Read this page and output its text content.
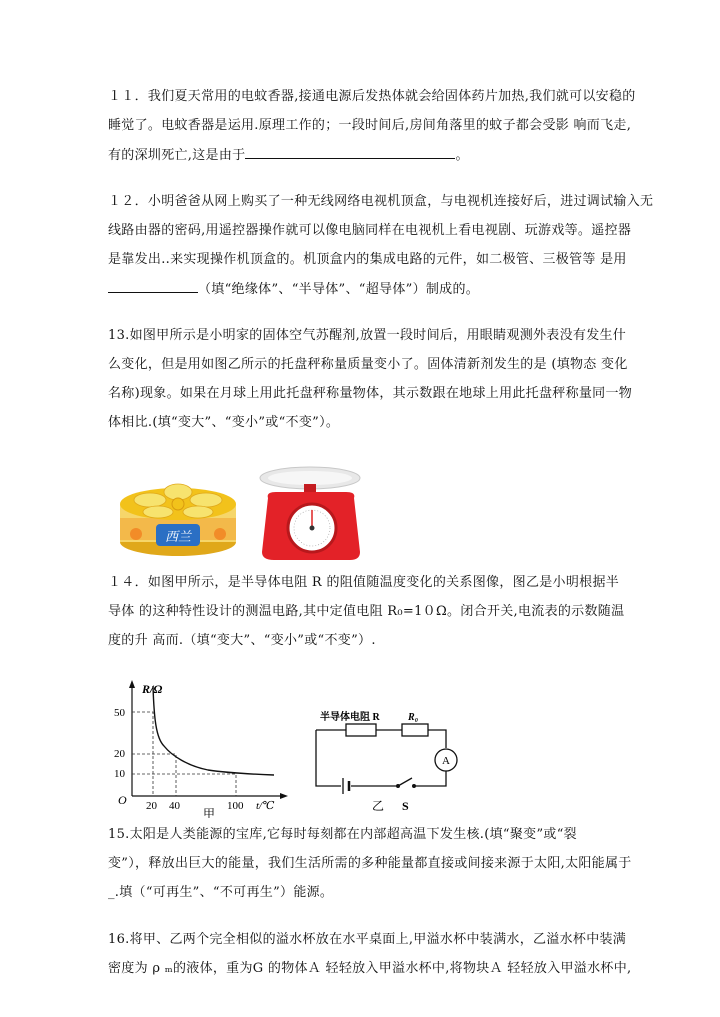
１１．我们夏天常用的电蚊香器,接通电源后发热体就会给固体药片加热,我们就可以安稳的
睡觉了。电蚊香器是运用.原理工作的；一段时间后,房间角落里的蚊子都会受影 响而飞走,
有的深圳死亡,这是由于	。
１２．小明爸爸从网上购买了一种无线网络电视机顶盒，与电视机连接好后，进过调试输入无
线路由器的密码,用遥控器操作就可以像电脑同样在电视机上看电视剧、玩游戏等。遥控器
是靠发出..来实现操作机顶盒的。机顶盒内的集成电路的元件，如二极管、三极管等 是用
（填“绝缘体”、“半导体”、“超导体”）制成的。
13.如图甲所示是小明家的固体空气苏醒剂,放置一段时间后，用眼睛观测外表没有发生什
么变化，但是用如图乙所示的托盘秤称量质量变小了。固体清新剂发生的是 (填物态 变化
名称)现象。如果在月球上用此托盘秤称量物体，其示数跟在地球上用此托盘秤称量同一物
体相比.(填“变大”、“变小”或“不变”）。
西兰
１４．如图甲所示，是半导体电阻 R 的阻值随温度变化的关系图像，图乙是小明根据半
导体 的这种特性设计的测温电路,其中定值电阻 R₀=1０Ω。闭合开关,电流表的示数随温
度的升 高而.（填“变大”、“变小”或“不变”）.
R/Ω
O
50
20
10
20 40	100 t/℃
甲
半导体电阻 R	R₀
A
乙 S
15.太阳是人类能源的宝库,它每时每刻都在内部超高温下发生核.(填“聚变”或“裂
变”），释放出巨大的能量，我们生活所需的多种能量都直接或间接来源于太阳,太阳能属于
_.填（“可再生”、“不可再生”）能源。
16.将甲、乙两个完全相似的溢水杯放在水平桌面上,甲溢水杯中装满水，乙溢水杯中装满
密度为 ρ ₘ的液体，重为G 的物体Ａ 轻轻放入甲溢水杯中,将物块Ａ 轻轻放入甲溢水杯中,
